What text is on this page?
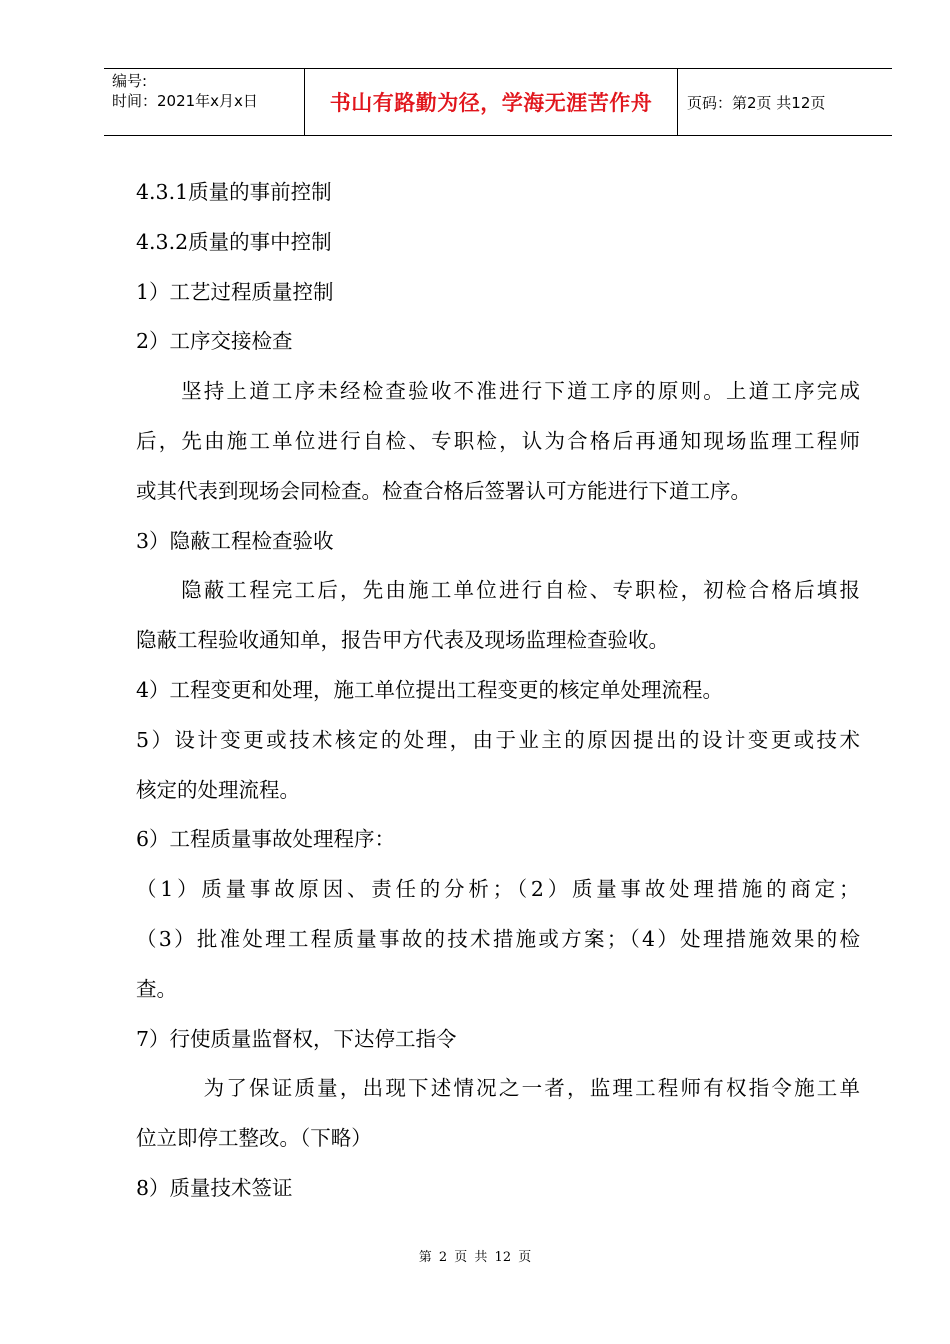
编号:
时间：2021年x月x日	书山有路勤为径，学海无涯苦作舟	页码：第2页 共12页

4.3.1质量的事前控制

4.3.2质量的事中控制

1）工艺过程质量控制

2）工序交接检查

坚持上道工序未经检查验收不准进行下道工序的原则。上道工序完成

后，先由施工单位进行自检、专职检，认为合格后再通知现场监理工程师

或其代表到现场会同检查。检查合格后签署认可方能进行下道工序。

3）隐蔽工程检查验收

隐蔽工程完工后，先由施工单位进行自检、专职检，初检合格后填报

隐蔽工程验收通知单，报告甲方代表及现场监理检查验收。

4）工程变更和处理，施工单位提出工程变更的核定单处理流程。

5）设计变更或技术核定的处理，由于业主的原因提出的设计变更或技术

核定的处理流程。

6）工程质量事故处理程序：

（1）质量事故原因、责任的分析；（2）质量事故处理措施的商定；

（3）批准处理工程质量事故的技术措施或方案；（4）处理措施效果的检

查。

7）行使质量监督权，下达停工指令

为了保证质量，出现下述情况之一者，监理工程师有权指令施工单

位立即停工整改。（下略）

8）质量技术签证

第 2 页 共 12 页
